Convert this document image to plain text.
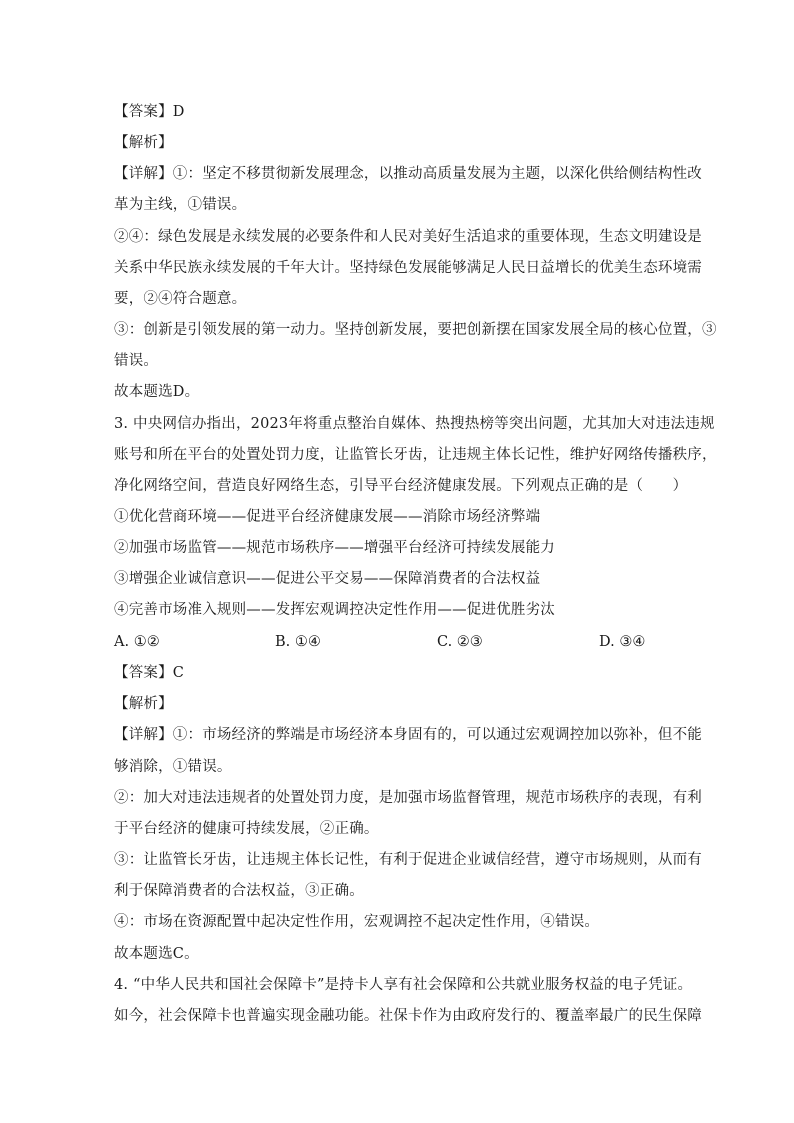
【答案】D
【解析】
【详解】①：坚定不移贯彻新发展理念，以推动高质量发展为主题，以深化供给侧结构性改
革为主线，①错误。
②④：绿色发展是永续发展的必要条件和人民对美好生活追求的重要体现，生态文明建设是
关系中华民族永续发展的千年大计。坚持绿色发展能够满足人民日益增长的优美生态环境需
要，②④符合题意。
③：创新是引领发展的第一动力。坚持创新发展，要把创新摆在国家发展全局的核心位置，③
错误。
故本题选D。
3. 中央网信办指出，2023年将重点整治自媒体、热搜热榜等突出问题，尤其加大对违法违规
账号和所在平台的处置处罚力度，让监管长牙齿，让违规主体长记性，维护好网络传播秩序，
净化网络空间，营造良好网络生态，引导平台经济健康发展。下列观点正确的是（　　）
①优化营商环境——促进平台经济健康发展——消除市场经济弊端
②加强市场监管——规范市场秩序——增强平台经济可持续发展能力
③增强企业诚信意识——促进公平交易——保障消费者的合法权益
④完善市场准入规则——发挥宏观调控决定性作用——促进优胜劣汰
A. ①②	B. ①④	C. ②③	D. ③④
【答案】C
【解析】
【详解】①：市场经济的弊端是市场经济本身固有的，可以通过宏观调控加以弥补，但不能
够消除，①错误。
②：加大对违法违规者的处置处罚力度，是加强市场监督管理，规范市场秩序的表现，有利
于平台经济的健康可持续发展，②正确。
③：让监管长牙齿，让违规主体长记性，有利于促进企业诚信经营，遵守市场规则，从而有
利于保障消费者的合法权益，③正确。
④：市场在资源配置中起决定性作用，宏观调控不起决定性作用，④错误。
故本题选C。
4. “中华人民共和国社会保障卡”是持卡人享有社会保障和公共就业服务权益的电子凭证。
如今，社会保障卡也普遍实现金融功能。社保卡作为由政府发行的、覆盖率最广的民生保障
